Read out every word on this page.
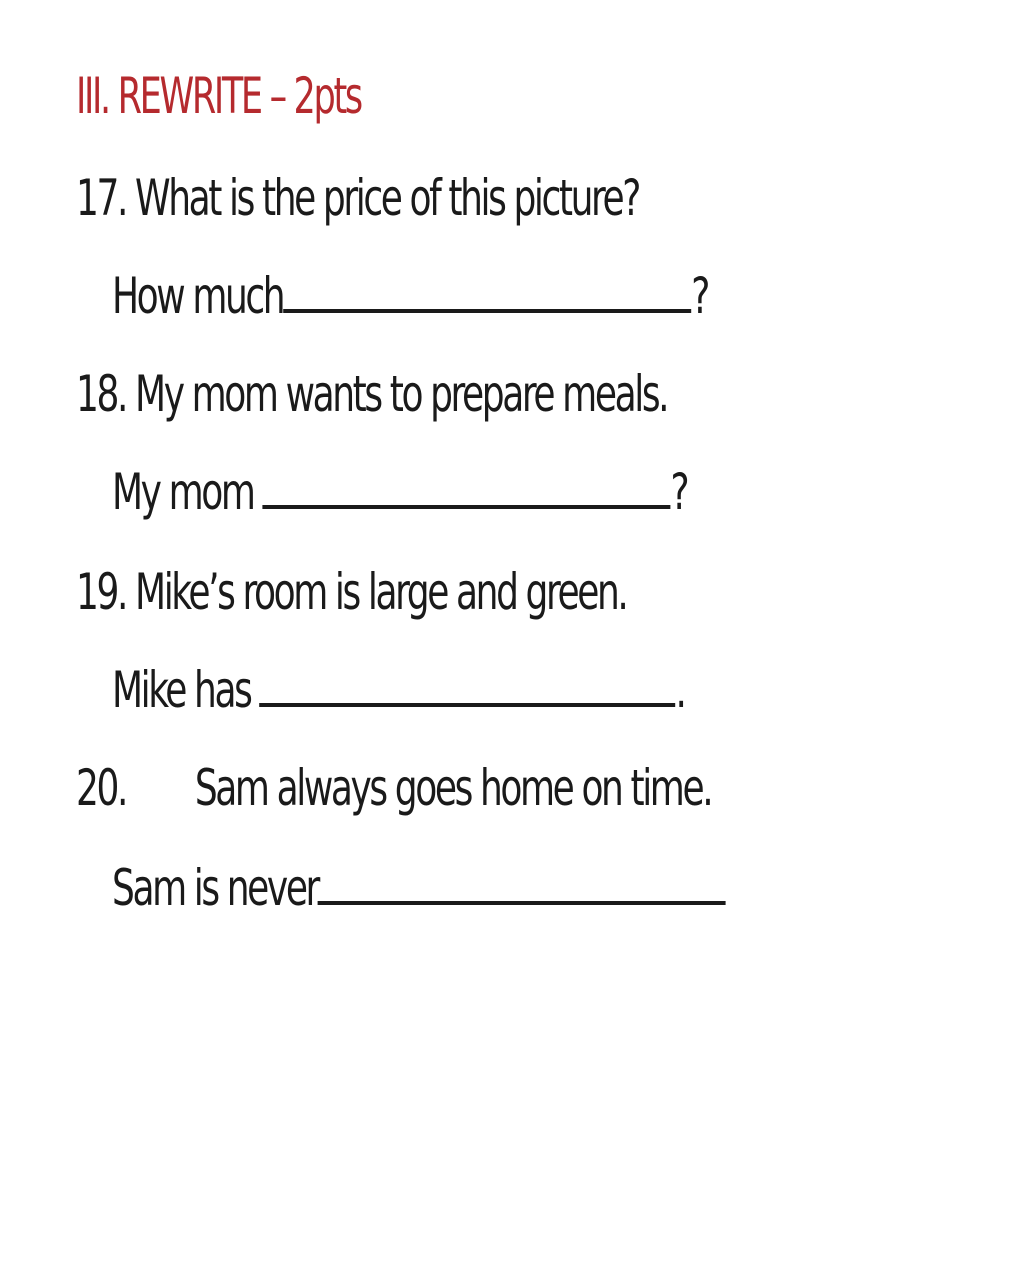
III. REWRITE – 2pts
17. What is the price of this picture?
How much	?
18. My mom wants to prepare meals.
My mom	?
19. Mike’s room is large and green.
Mike has	.
20. Sam always goes home on time.
Sam is never
